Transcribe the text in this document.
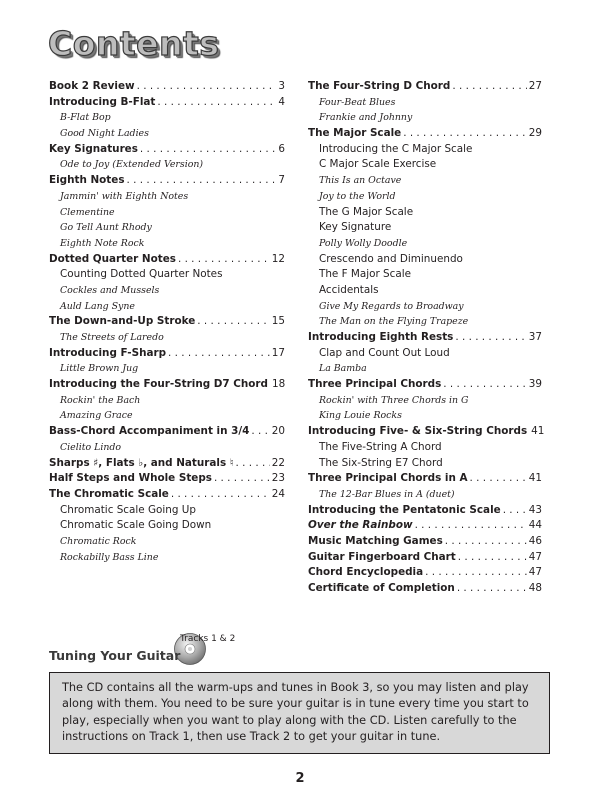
Contents
Book 2 Review . . .	3
Introducing B-Flat . . .	4
B-Flat Bop
Good Night Ladies
Key Signatures . . .	6
Ode to Joy (Extended Version)
Eighth Notes . . .	7
Jammin' with Eighth Notes
Clementine
Go Tell Aunt Rhody
Eighth Note Rock
Dotted Quarter Notes . . .	12
Counting Dotted Quarter Notes
Cockles and Mussels
Auld Lang Syne
The Down-and-Up Stroke . . .	15
The Streets of Laredo
Introducing F-Sharp . . .	17
Little Brown Jug
Introducing the Four-String D7 Chord 18
Rockin' the Bach
Amazing Grace
Bass-Chord Accompaniment in 3/4 . . . 20
Cielito Lindo
Sharps ♯, Flats ♭, and Naturals ♮ . . .	22
Half Steps and Whole Steps . . .	23
The Chromatic Scale . . .	24
Chromatic Scale Going Up
Chromatic Scale Going Down
Chromatic Rock
Rockabilly Bass Line
The Four-String D Chord . . .	27
Four-Beat Blues
Frankie and Johnny
The Major Scale . . .	29
Introducing the C Major Scale
C Major Scale Exercise
This Is an Octave
Joy to the World
The G Major Scale
Key Signature
Polly Wolly Doodle
Crescendo and Diminuendo
The F Major Scale
Accidentals
Give My Regards to Broadway
The Man on the Flying Trapeze
Introducing Eighth Rests . . .	37
Clap and Count Out Loud
La Bamba
Three Principal Chords . . .	39
Rockin' with Three Chords in G
King Louie Rocks
Introducing Five- & Six-String Chords 41
The Five-String A Chord
The Six-String E7 Chord
Three Principal Chords in A . . .	41
The 12-Bar Blues in A (duet)
Introducing the Pentatonic Scale . . .	43
Over the Rainbow . . .	44
Music Matching Games . . .	46
Guitar Fingerboard Chart . . .	47
Chord Encyclopedia . . .	47
Certificate of Completion . . .	48
Tracks 1 & 2
Tuning Your Guitar
The CD contains all the warm-ups and tunes in Book 3, so you may listen and play along with them. You need to be sure your guitar is in tune every time you start to play, especially when you want to play along with the CD. Listen carefully to the instructions on Track 1, then use Track 2 to get your guitar in tune.
2
